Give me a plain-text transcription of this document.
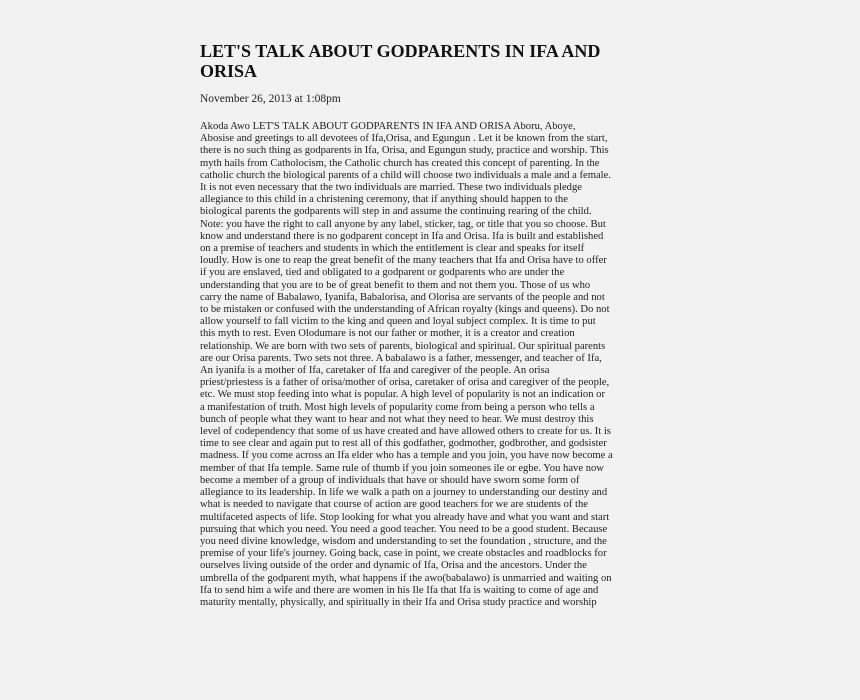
LET'S TALK ABOUT GODPARENTS IN IFA AND
ORISA

November 26, 2013 at 1:08pm

Akoda Awo LET'S TALK ABOUT GODPARENTS IN IFA AND ORISA Aboru, Aboye,
Abosise and greetings to all devotees of Ifa,Orisa, and Egungun . Let it be known from the start,
there is no such thing as godparents in Ifa, Orisa, and Egungun study, practice and worship. This
myth hails from Catholocism, the Catholic church has created this concept of parenting. In the
catholic church the biological parents of a child will choose two individuals a male and a female.
It is not even necessary that the two individuals are married. These two individuals pledge
allegiance to this child in a christening ceremony, that if anything should happen to the
biological parents the godparents will step in and assume the continuing rearing of the child.
Note: you have the right to call anyone by any label, sticker, tag, or title that you so choose. But
know and understand there is no godparent concept in Ifa and Orisa. Ifa is built and established
on a premise of teachers and students in which the entitlement is clear and speaks for itself
loudly. How is one to reap the great benefit of the many teachers that Ifa and Orisa have to offer
if you are enslaved, tied and obligated to a godparent or godparents who are under the
understanding that you are to be of great benefit to them and not them you. Those of us who
carry the name of Babalawo, Iyanifa, Babalorisa, and Olorisa are servants of the people and not
to be mistaken or confused with the understanding of African royalty (kings and queens). Do not
allow yourself to fall victim to the king and queen and loyal subject complex. It is time to put
this myth to rest. Even Olodumare is not our father or mother, it is a creator and creation
relationship. We are born with two sets of parents, biological and spiritual. Our spiritual parents
are our Orisa parents. Two sets not three. A babalawo is a father, messenger, and teacher of Ifa,
An iyanifa is a mother of Ifa, caretaker of Ifa and caregiver of the people. An orisa
priest/priestess is a father of orisa/mother of orisa, caretaker of orisa and caregiver of the people,
etc. We must stop feeding into what is popular. A high level of popularity is not an indication or
a manifestation of truth. Most high levels of popularity come from being a person who tells a
bunch of people what they want to hear and not what they need to hear. We must destroy this
level of codependency that some of us have created and have allowed others to create for us. It is
time to see clear and again put to rest all of this godfather, godmother, godbrother, and godsister
madness. If you come across an Ifa elder who has a temple and you join, you have now become a
member of that Ifa temple. Same rule of thumb if you join someones ile or egbe. You have now
become a member of a group of individuals that have or should have sworn some form of
allegiance to its leadership. In life we walk a path on a journey to understanding our destiny and
what is needed to navigate that course of action are good teachers for we are students of the
multifaceted aspects of life. Stop looking for what you already have and what you want and start
pursuing that which you need. You need a good teacher. You need to be a good student. Because
you need divine knowledge, wisdom and understanding to set the foundation , structure, and the
premise of your life's journey. Going back, case in point, we create obstacles and roadblocks for
ourselves living outside of the order and dynamic of Ifa, Orisa and the ancestors. Under the
umbrella of the godparent myth, what happens if the awo(babalawo) is unmarried and waiting on
Ifa to send him a wife and there are women in his Ile Ifa that Ifa is waiting to come of age and
maturity mentally, physically, and spiritually in their Ifa and Orisa study practice and worship
